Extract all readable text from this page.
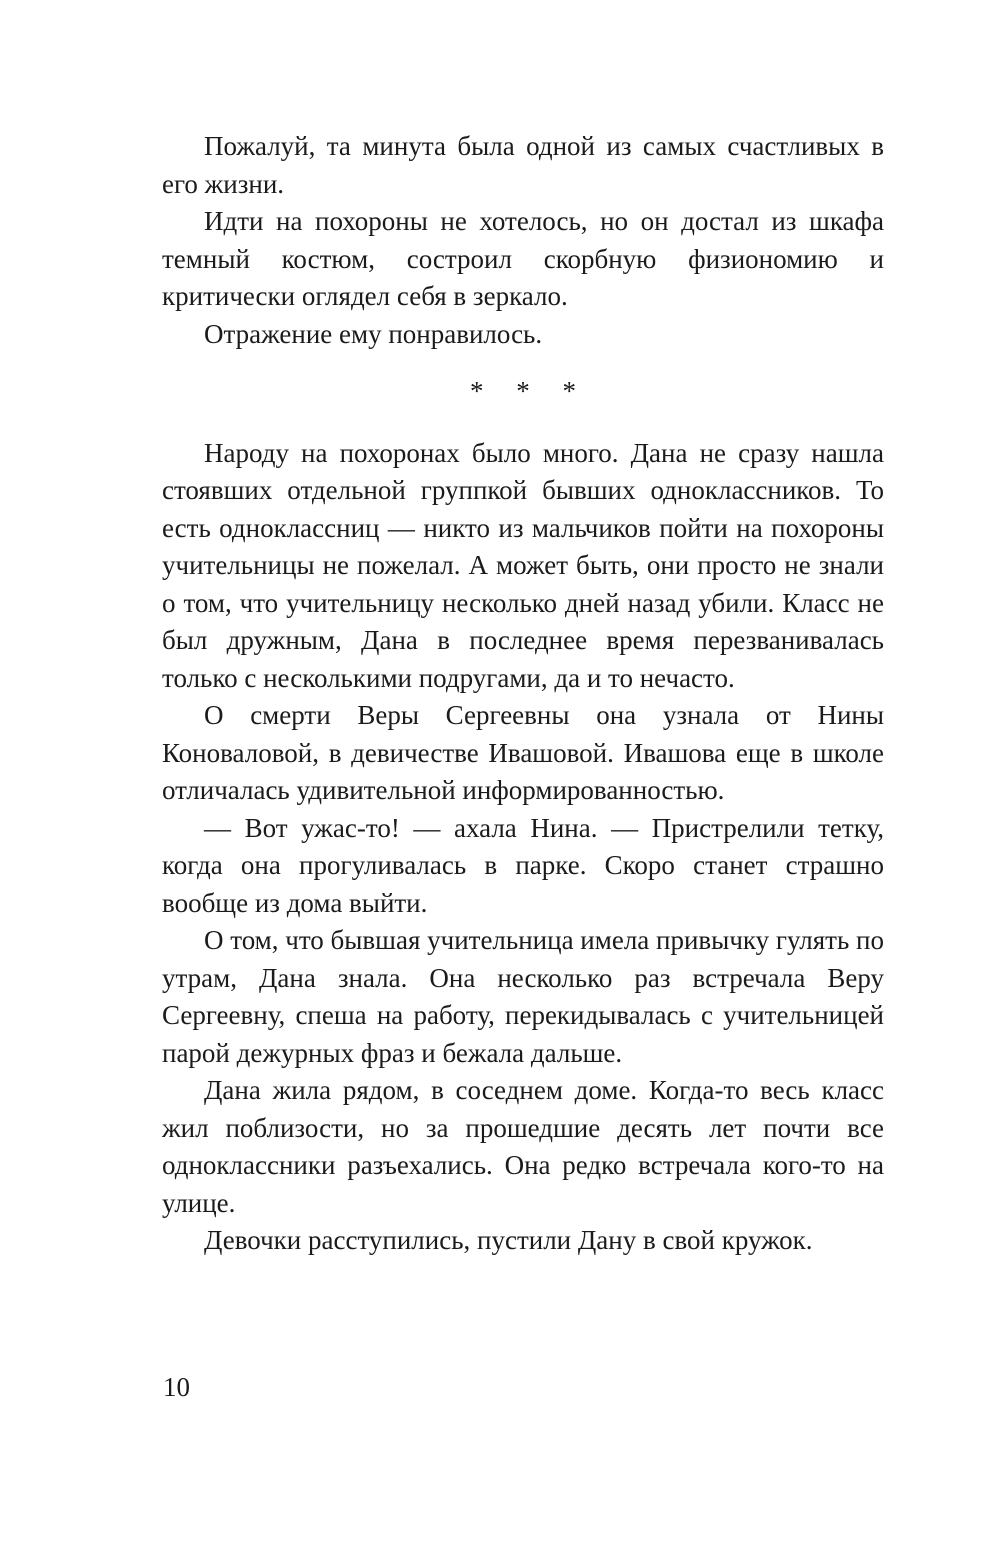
Пожалуй, та минута была одной из самых счастливых в его жизни.

Идти на похороны не хотелось, но он достал из шкафа темный костюм, состроил скорбную физиономию и критически оглядел себя в зеркало.

Отражение ему понравилось.

* * *

Народу на похоронах было много. Дана не сразу нашла стоявших отдельной группкой бывших одноклассников. То есть одноклассниц — никто из мальчиков пойти на похороны учительницы не пожелал. А может быть, они просто не знали о том, что учительницу несколько дней назад убили. Класс не был дружным, Дана в последнее время перезванивалась только с несколькими подругами, да и то нечасто.

О смерти Веры Сергеевны она узнала от Нины Коноваловой, в девичестве Ивашовой. Ивашова еще в школе отличалась удивительной информированностью.

— Вот ужас-то! — ахала Нина. — Пристрелили тетку, когда она прогуливалась в парке. Скоро станет страшно вообще из дома выйти.

О том, что бывшая учительница имела привычку гулять по утрам, Дана знала. Она несколько раз встречала Веру Сергеевну, спеша на работу, перекидывалась с учительницей парой дежурных фраз и бежала дальше.

Дана жила рядом, в соседнем доме. Когда-то весь класс жил поблизости, но за прошедшие десять лет почти все одноклассники разъехались. Она редко встречала кого-то на улице.

Девочки расступились, пустили Дану в свой кружок.

10
